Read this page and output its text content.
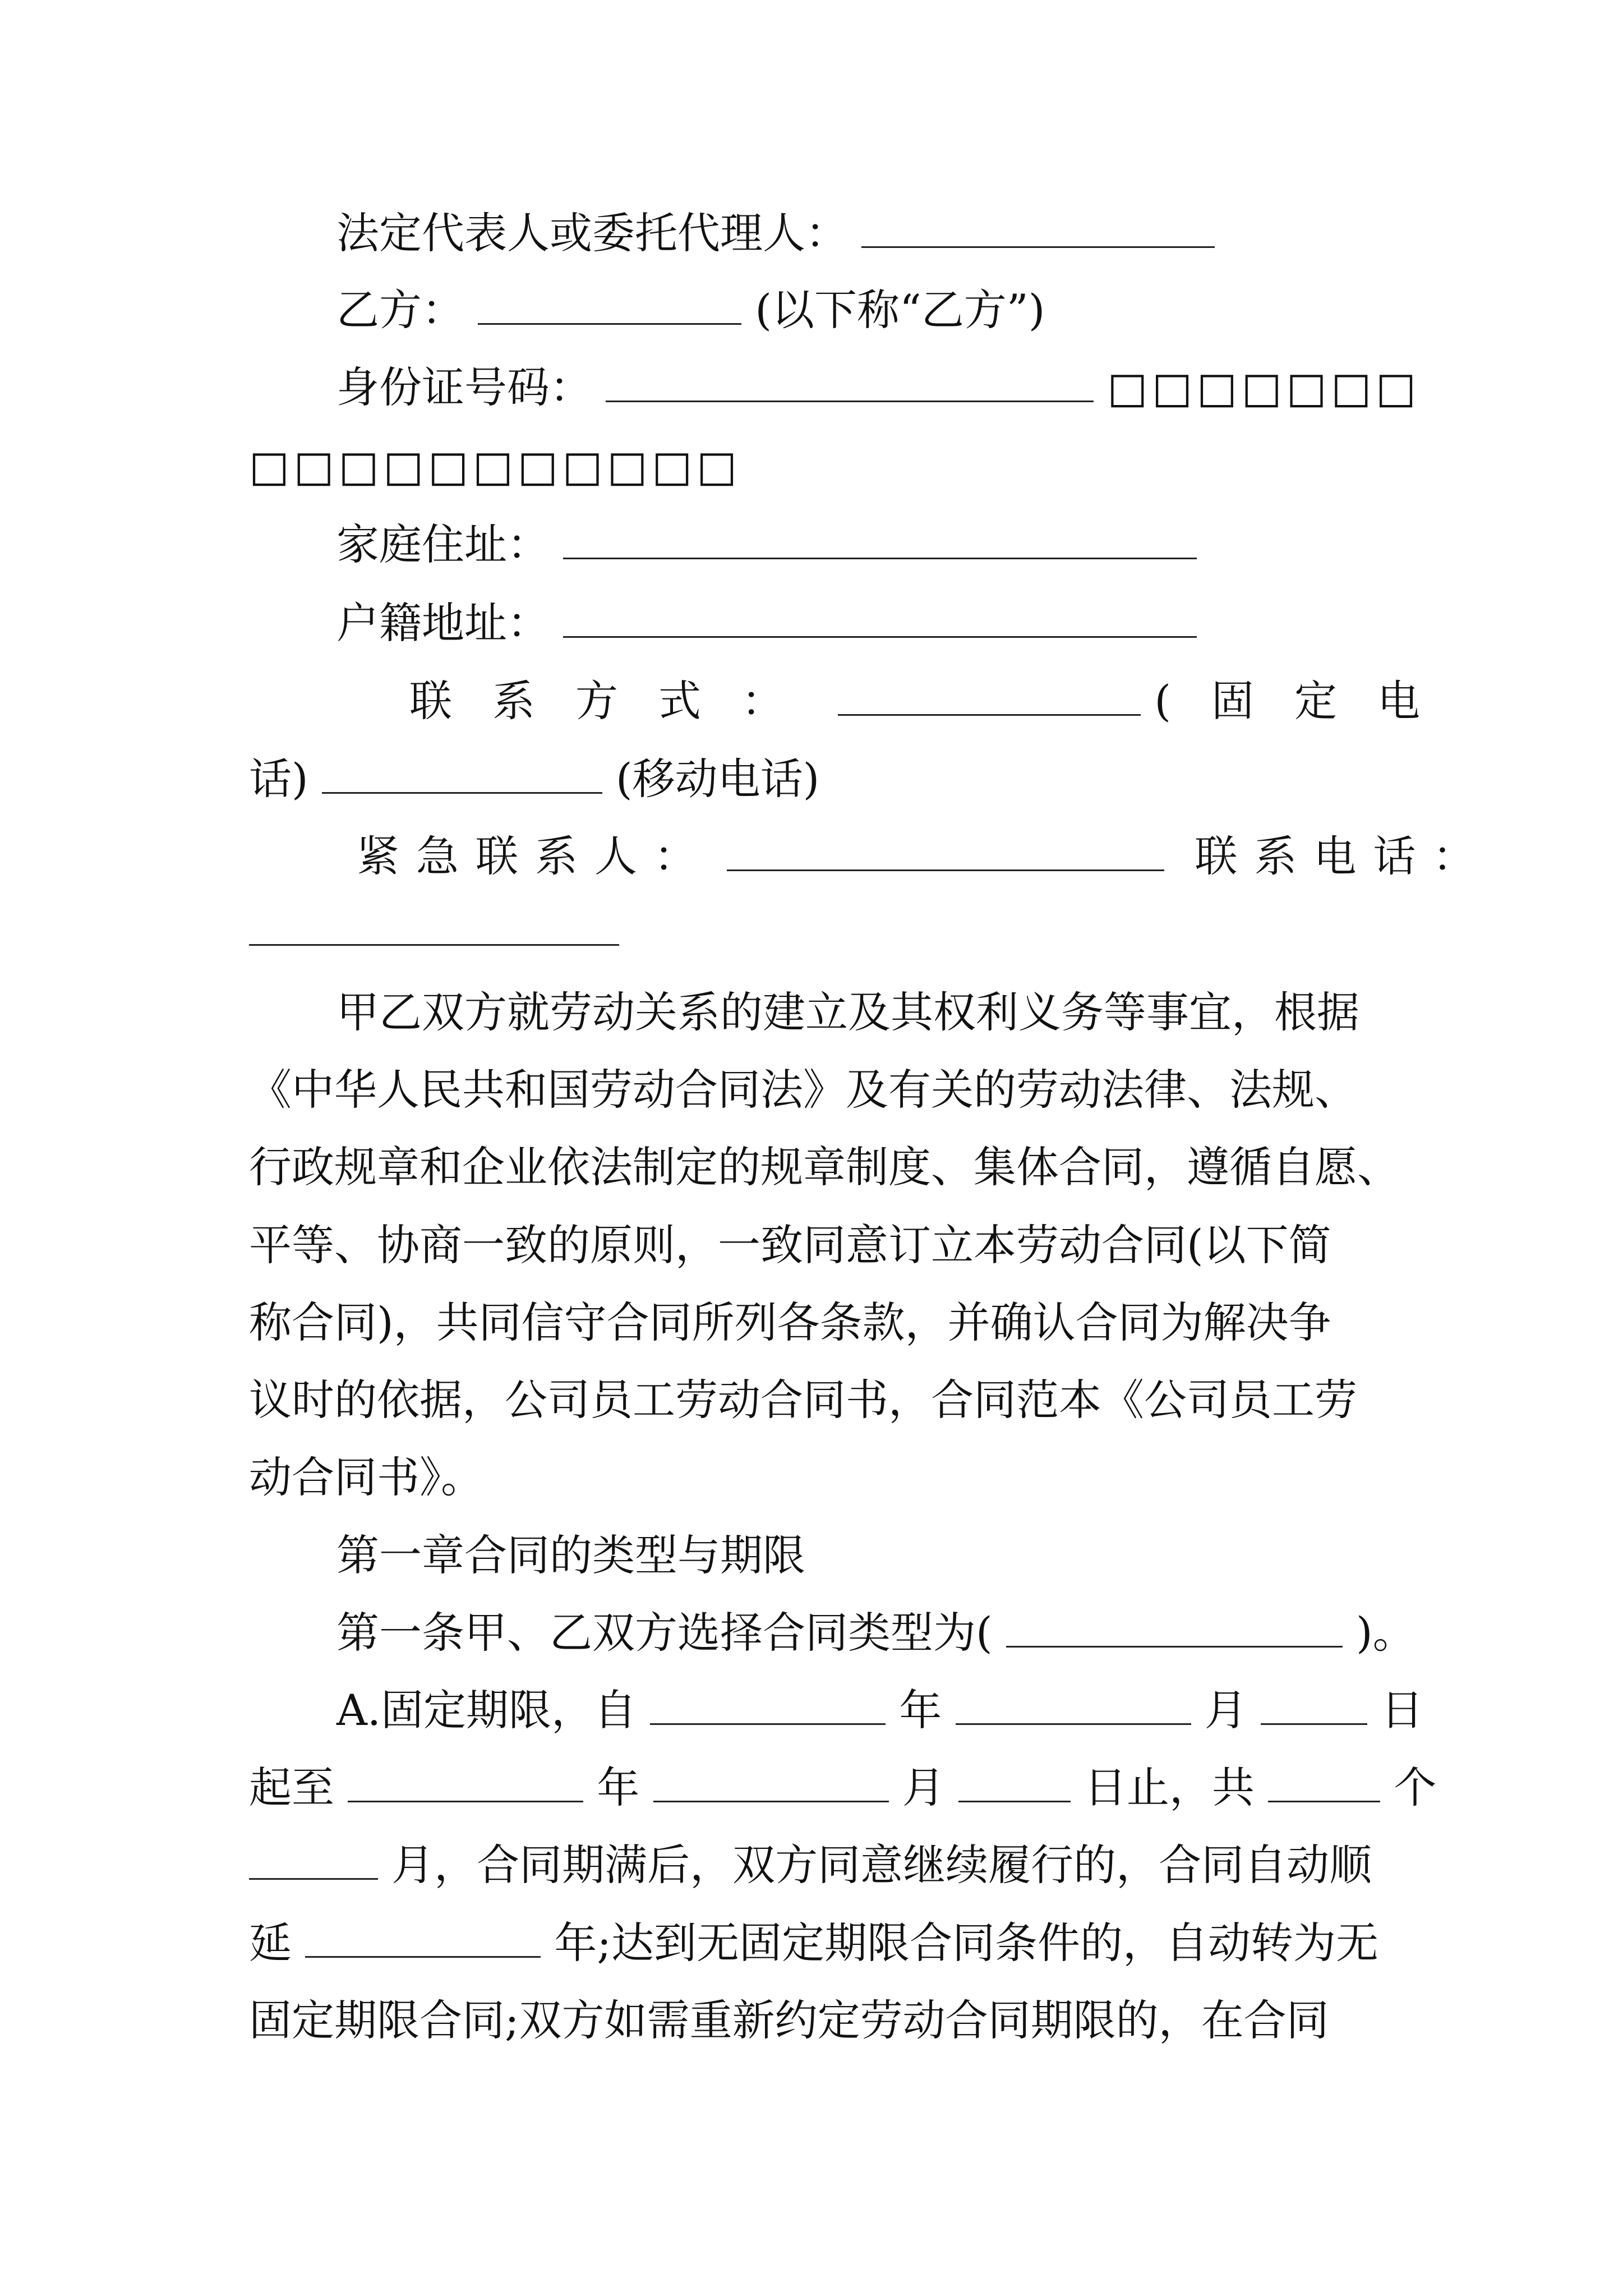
法定代表人或委托代理人：
乙方：	(以下称“乙方”)
身份证号码：	□□□□□□□
□□□□□□□□□□□
家庭住址：
户籍地址：
联系方式：	(固定电
话)	(移动电话)
紧急联系人：	联系电话：
甲乙双方就劳动关系的建立及其权利义务等事宜，根据
《中华人民共和国劳动合同法》及有关的劳动法律、法规、
行政规章和企业依法制定的规章制度、集体合同，遵循自愿、
平等、协商一致的原则，一致同意订立本劳动合同(以下简
称合同)，共同信守合同所列各条款，并确认合同为解决争
议时的依据，公司员工劳动合同书，合同范本《公司员工劳
动合同书》。
第一章合同的类型与期限
第一条甲、乙双方选择合同类型为(	)。
A.固定期限，自	年	月	日
起至	年	月	日止，共	个
月，合同期满后，双方同意继续履行的，合同自动顺
延	年;达到无固定期限合同条件的，自动转为无
固定期限合同;双方如需重新约定劳动合同期限的，在合同
